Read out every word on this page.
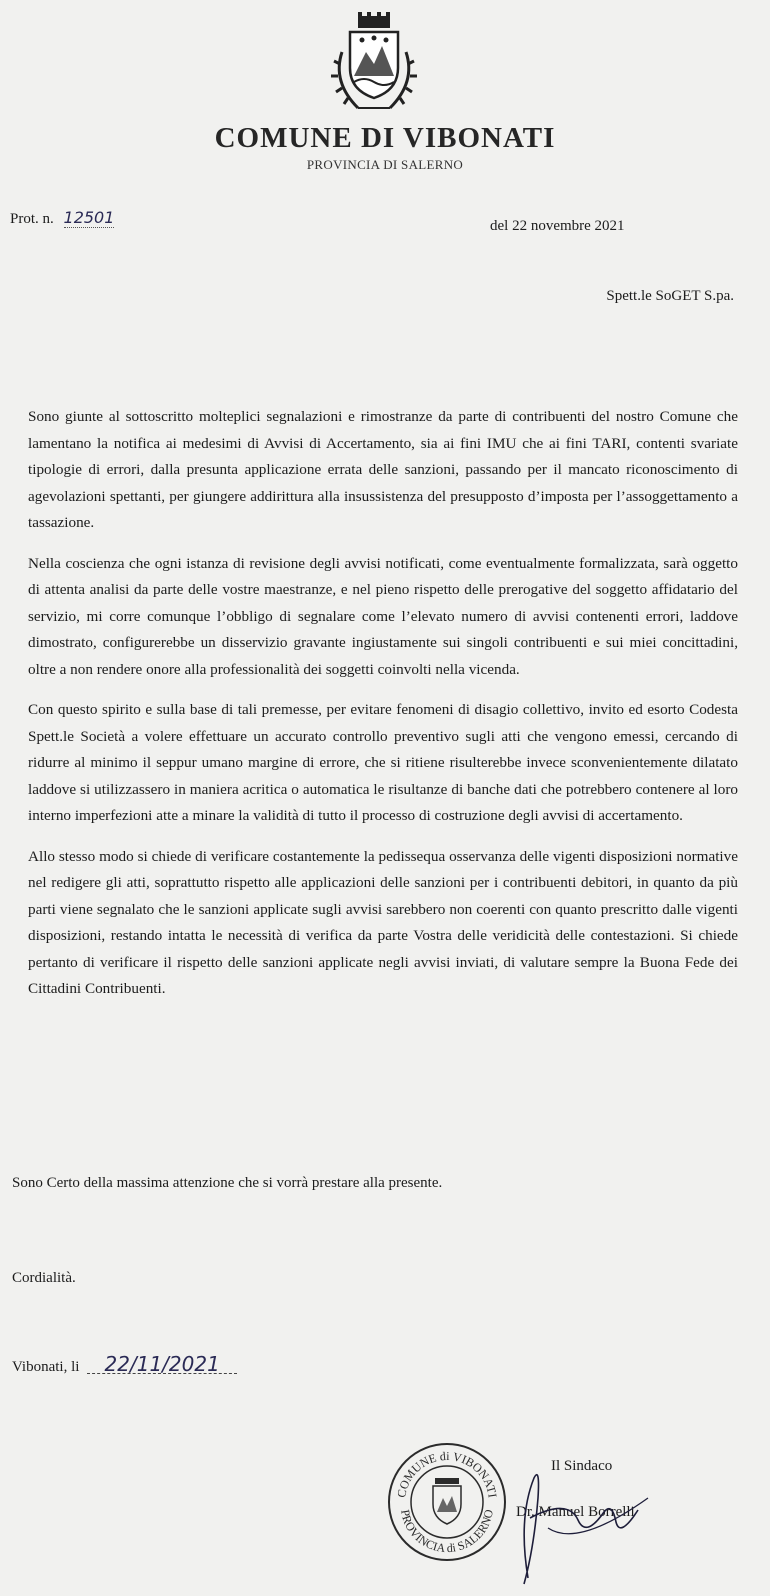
COMUNE DI VIBONATI
PROVINCIA DI SALERNO
Prot. n. 12501	del 22 novembre 2021
Spett.le SoGET S.pa.

Sono giunte al sottoscritto molteplici segnalazioni e rimostranze da parte di contribuenti del nostro Comune che lamentano la notifica ai medesimi di Avvisi di Accertamento, sia ai fini IMU che ai fini TARI, contenti svariate tipologie di errori, dalla presunta applicazione errata delle sanzioni, passando per il mancato riconoscimento di agevolazioni spettanti, per giungere addirittura alla insussistenza del presupposto d’imposta per l’assoggettamento a tassazione.

Nella coscienza che ogni istanza di revisione degli avvisi notificati, come eventualmente formalizzata, sarà oggetto di attenta analisi da parte delle vostre maestranze, e nel pieno rispetto delle prerogative del soggetto affidatario del servizio, mi corre comunque l’obbligo di segnalare come l’elevato numero di avvisi contenenti errori, laddove dimostrato, configurerebbe un disservizio gravante ingiustamente sui singoli contribuenti e sui miei concittadini, oltre a non rendere onore alla professionalità dei soggetti coinvolti nella vicenda.

Con questo spirito e sulla base di tali premesse, per evitare fenomeni di disagio collettivo, invito ed esorto Codesta Spett.le Società a volere effettuare un accurato controllo preventivo sugli atti che vengono emessi, cercando di ridurre al minimo il seppur umano margine di errore, che si ritiene risulterebbe invece sconvenientemente dilatato laddove si utilizzassero in maniera acritica o automatica le risultanze di banche dati che potrebbero contenere al loro interno imperfezioni atte a minare la validità di tutto il processo di costruzione degli avvisi di accertamento.

Allo stesso modo si chiede di verificare costantemente la pedissequa osservanza delle vigenti disposizioni normative nel redigere gli atti, soprattutto rispetto alle applicazioni delle sanzioni per i contribuenti debitori, in quanto da più parti viene segnalato che le sanzioni applicate sugli avvisi sarebbero non coerenti con quanto prescritto dalle vigenti disposizioni, restando intatta le necessità di verifica da parte Vostra delle veridicità delle contestazioni. Si chiede pertanto di verificare il rispetto delle sanzioni applicate negli avvisi inviati, di valutare sempre la Buona Fede dei Cittadini Contribuenti.

Sono Certo della massima attenzione che si vorrà prestare alla presente.
Cordialità.
Vibonati, li 22/11/2021
COMUNE di VIBONATI
PROVINCIA di SALERNO
Il Sindaco
Dr. Manuel Borrelli
